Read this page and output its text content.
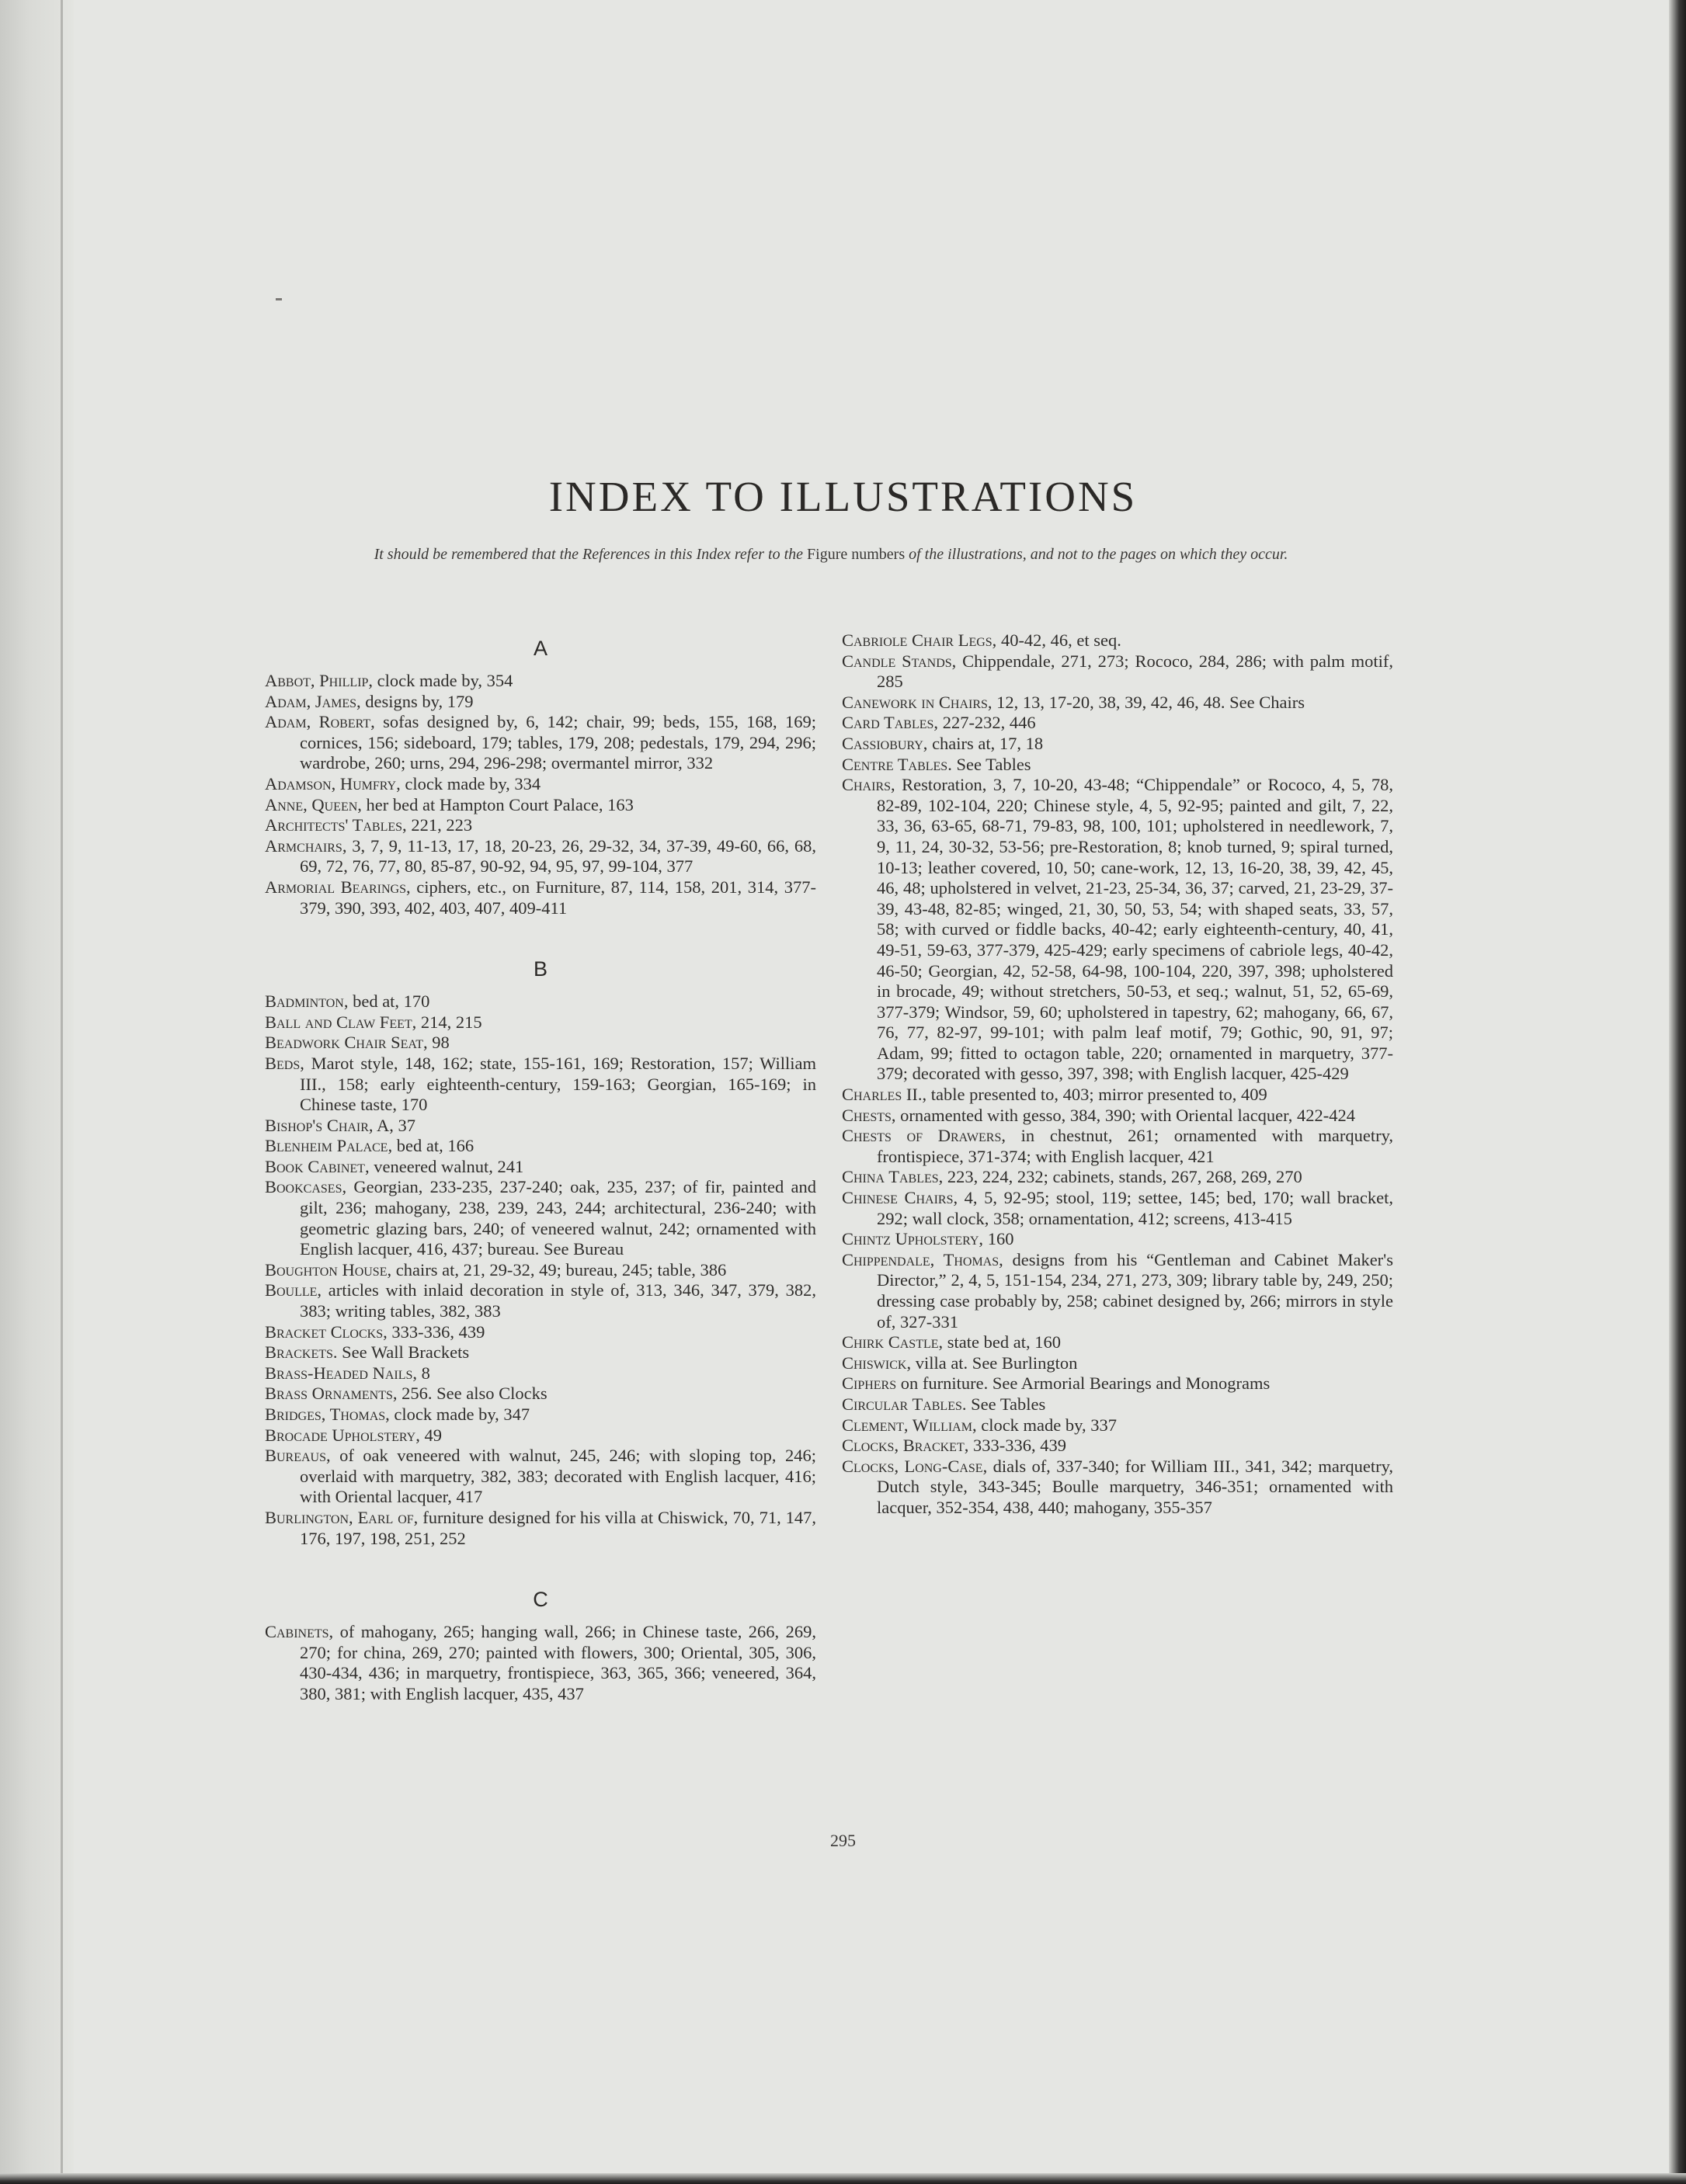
INDEX TO ILLUSTRATIONS
It should be remembered that the References in this Index refer to the Figure numbers of the illustrations, and not to the pages on which they occur.
A

Abbot, Phillip, clock made by, 354

Adam, James, designs by, 179

Adam, Robert, sofas designed by, 6, 142; chair, 99; beds, 155, 168, 169; cornices, 156; sideboard, 179; tables, 179, 208; pedestals, 179, 294, 296; wardrobe, 260; urns, 294, 296-298; overmantel mirror, 332

Adamson, Humfry, clock made by, 334

Anne, Queen, her bed at Hampton Court Palace, 163

Architects' Tables, 221, 223

Armchairs, 3, 7, 9, 11-13, 17, 18, 20-23, 26, 29-32, 34, 37-39, 49-60, 66, 68, 69, 72, 76, 77, 80, 85-87, 90-92, 94, 95, 97, 99-104, 377

Armorial Bearings, ciphers, etc., on Furniture, 87, 114, 158, 201, 314, 377-379, 390, 393, 402, 403, 407, 409-411

B

Badminton, bed at, 170

Ball and Claw Feet, 214, 215

Beadwork Chair Seat, 98

Beds, Marot style, 148, 162; state, 155-161, 169; Restoration, 157; William III., 158; early eighteenth-century, 159-163; Georgian, 165-169; in Chinese taste, 170

Bishop's Chair, A, 37

Blenheim Palace, bed at, 166

Book Cabinet, veneered walnut, 241

Bookcases, Georgian, 233-235, 237-240; oak, 235, 237; of fir, painted and gilt, 236; mahogany, 238, 239, 243, 244; architectural, 236-240; with geometric glazing bars, 240; of veneered walnut, 242; ornamented with English lacquer, 416, 437; bureau. See Bureau

Boughton House, chairs at, 21, 29-32, 49; bureau, 245; table, 386

Boulle, articles with inlaid decoration in style of, 313, 346, 347, 379, 382, 383; writing tables, 382, 383

Bracket Clocks, 333-336, 439

Brackets. See Wall Brackets

Brass-Headed Nails, 8

Brass Ornaments, 256. See also Clocks

Bridges, Thomas, clock made by, 347

Brocade Upholstery, 49

Bureaus, of oak veneered with walnut, 245, 246; with sloping top, 246; overlaid with marquetry, 382, 383; decorated with English lacquer, 416; with Oriental lacquer, 417

Burlington, Earl of, furniture designed for his villa at Chiswick, 70, 71, 147, 176, 197, 198, 251, 252

C

Cabinets, of mahogany, 265; hanging wall, 266; in Chinese taste, 266, 269, 270; for china, 269, 270; painted with flowers, 300; Oriental, 305, 306, 430-434, 436; in marquetry, frontispiece, 363, 365, 366; veneered, 364, 380, 381; with English lacquer, 435, 437

Cabriole Chair Legs, 40-42, 46, et seq.

Candle Stands, Chippendale, 271, 273; Rococo, 284, 286; with palm motif, 285

Canework in Chairs, 12, 13, 17-20, 38, 39, 42, 46, 48. See Chairs

Card Tables, 227-232, 446

Cassiobury, chairs at, 17, 18

Centre Tables. See Tables

Chairs, Restoration, 3, 7, 10-20, 43-48; “Chippendale” or Rococo, 4, 5, 78, 82-89, 102-104, 220; Chinese style, 4, 5, 92-95; painted and gilt, 7, 22, 33, 36, 63-65, 68-71, 79-83, 98, 100, 101; upholstered in needlework, 7, 9, 11, 24, 30-32, 53-56; pre-Restoration, 8; knob turned, 9; spiral turned, 10-13; leather covered, 10, 50; cane-work, 12, 13, 16-20, 38, 39, 42, 45, 46, 48; upholstered in velvet, 21-23, 25-34, 36, 37; carved, 21, 23-29, 37-39, 43-48, 82-85; winged, 21, 30, 50, 53, 54; with shaped seats, 33, 57, 58; with curved or fiddle backs, 40-42; early eighteenth-century, 40, 41, 49-51, 59-63, 377-379, 425-429; early specimens of cabriole legs, 40-42, 46-50; Georgian, 42, 52-58, 64-98, 100-104, 220, 397, 398; upholstered in brocade, 49; without stretchers, 50-53, et seq.; walnut, 51, 52, 65-69, 377-379; Windsor, 59, 60; upholstered in tapestry, 62; mahogany, 66, 67, 76, 77, 82-97, 99-101; with palm leaf motif, 79; Gothic, 90, 91, 97; Adam, 99; fitted to octagon table, 220; ornamented in marquetry, 377-379; decorated with gesso, 397, 398; with English lacquer, 425-429

Charles II., table presented to, 403; mirror presented to, 409

Chests, ornamented with gesso, 384, 390; with Oriental lacquer, 422-424

Chests of Drawers, in chestnut, 261; ornamented with marquetry, frontispiece, 371-374; with English lacquer, 421

China Tables, 223, 224, 232; cabinets, stands, 267, 268, 269, 270

Chinese Chairs, 4, 5, 92-95; stool, 119; settee, 145; bed, 170; wall bracket, 292; wall clock, 358; ornamentation, 412; screens, 413-415

Chintz Upholstery, 160

Chippendale, Thomas, designs from his “Gentleman and Cabinet Maker's Director,” 2, 4, 5, 151-154, 234, 271, 273, 309; library table by, 249, 250; dressing case probably by, 258; cabinet designed by, 266; mirrors in style of, 327-331

Chirk Castle, state bed at, 160

Chiswick, villa at. See Burlington

Ciphers on furniture. See Armorial Bearings and Monograms

Circular Tables. See Tables

Clement, William, clock made by, 337

Clocks, Bracket, 333-336, 439

Clocks, Long-Case, dials of, 337-340; for William III., 341, 342; marquetry, Dutch style, 343-345; Boulle marquetry, 346-351; ornamented with lacquer, 352-354, 438, 440; mahogany, 355-357

295
